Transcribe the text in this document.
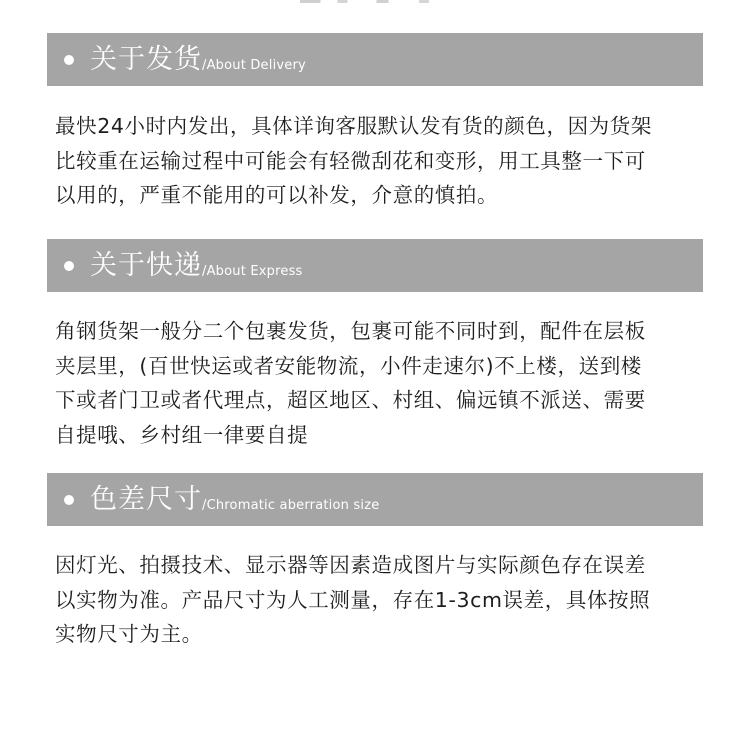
关于发货 /About Delivery
最快24小时内发出，具体详询客服默认发有货的颜色，因为货架
比较重在运输过程中可能会有轻微刮花和变形，用工具整一下可
以用的，严重不能用的可以补发，介意的慎拍。
关于快递 /About Express
角钢货架一般分二个包裹发货，包裹可能不同时到，配件在层板
夹层里，(百世快运或者安能物流，小件走速尔)不上楼，送到楼
下或者门卫或者代理点，超区地区、村组、偏远镇不派送、需要
自提哦、乡村组一律要自提
色差尺寸 /Chromatic aberration size
因灯光、拍摄技术、显示器等因素造成图片与实际颜色存在误差
以实物为准。产品尺寸为人工测量，存在1-3cm误差，具体按照
实物尺寸为主。
